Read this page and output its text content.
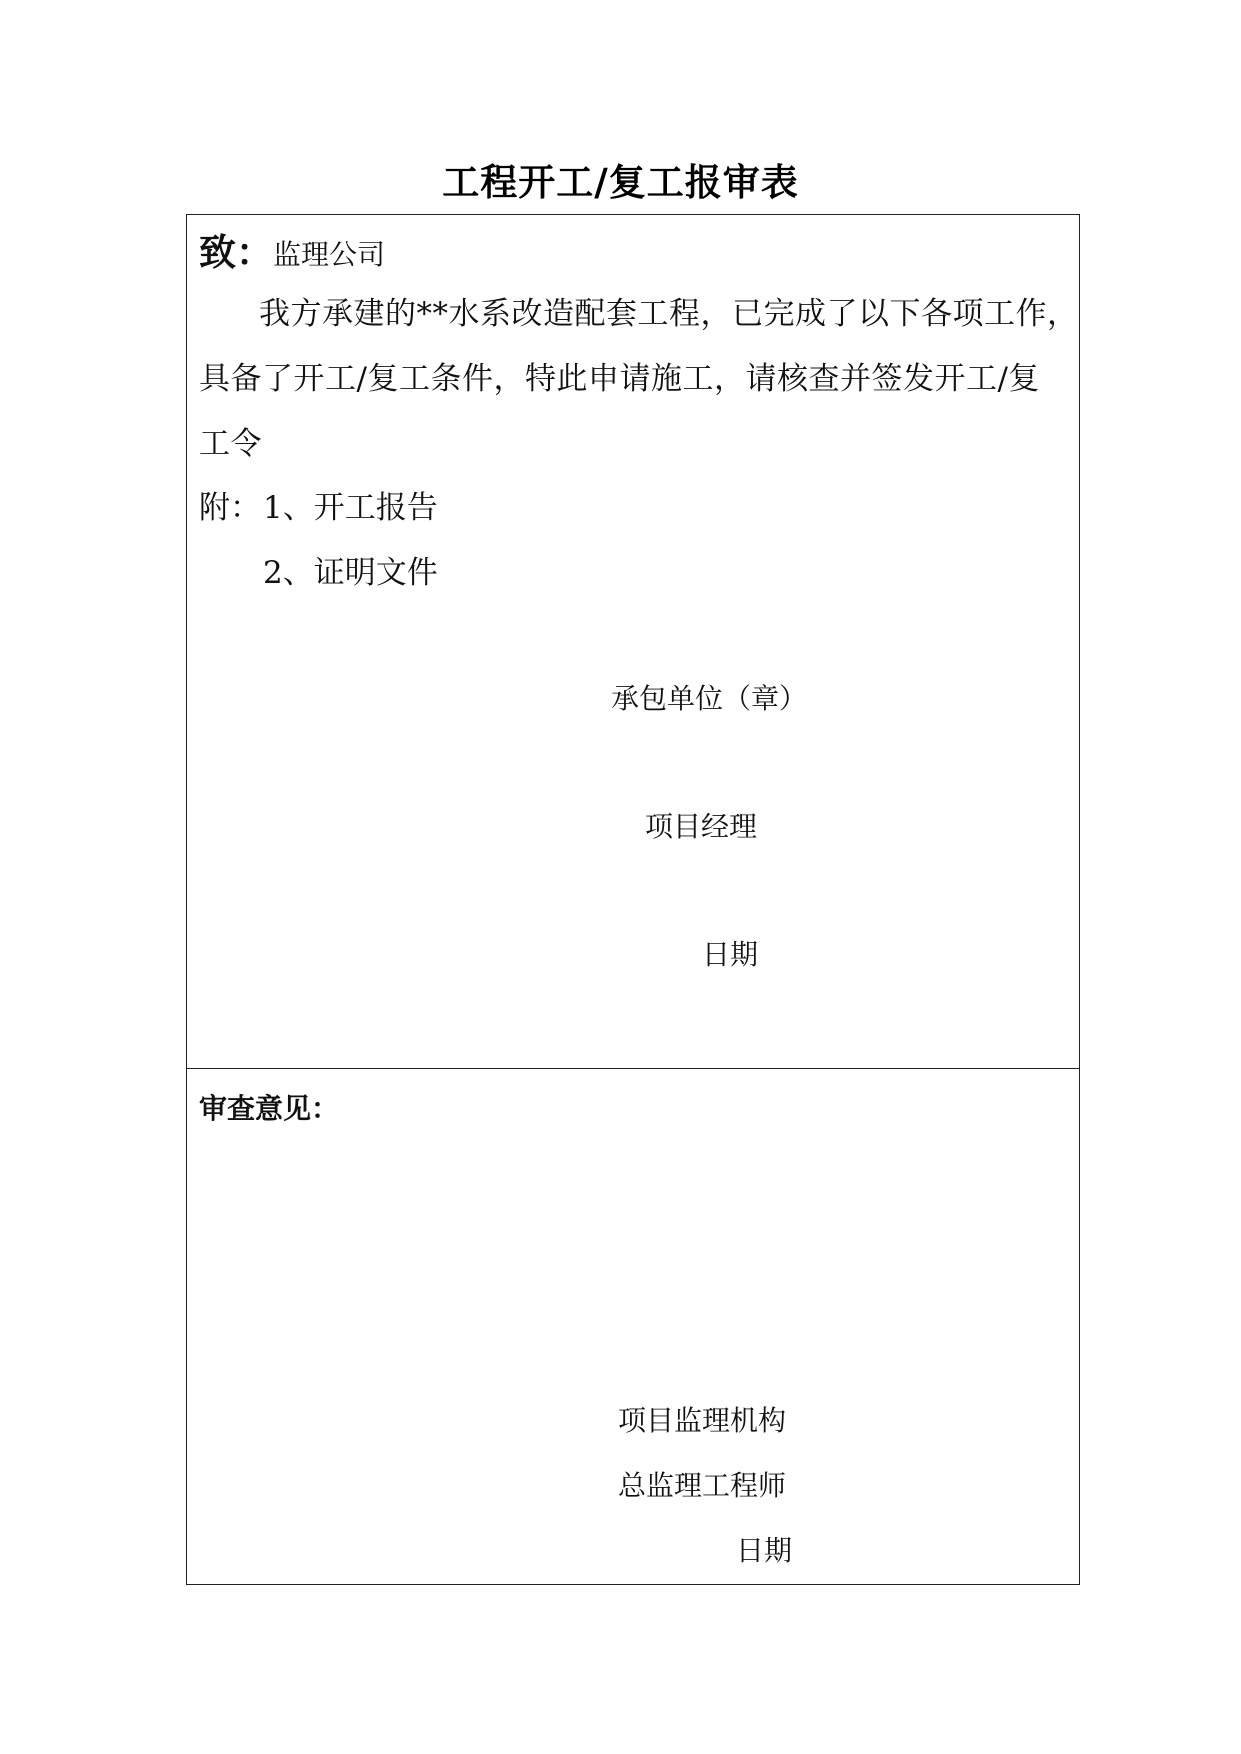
工程开工/复工报审表
致： 监理公司
我方承建的**水系改造配套工程，已完成了以下各项工作，
具备了开工/复工条件，特此申请施工，请核查并签发开工/复
工令
附： 1、开工报告
2、证明文件
承包单位（章）
项目经理
日期
审查意见：
项目监理机构
总监理工程师
日期
